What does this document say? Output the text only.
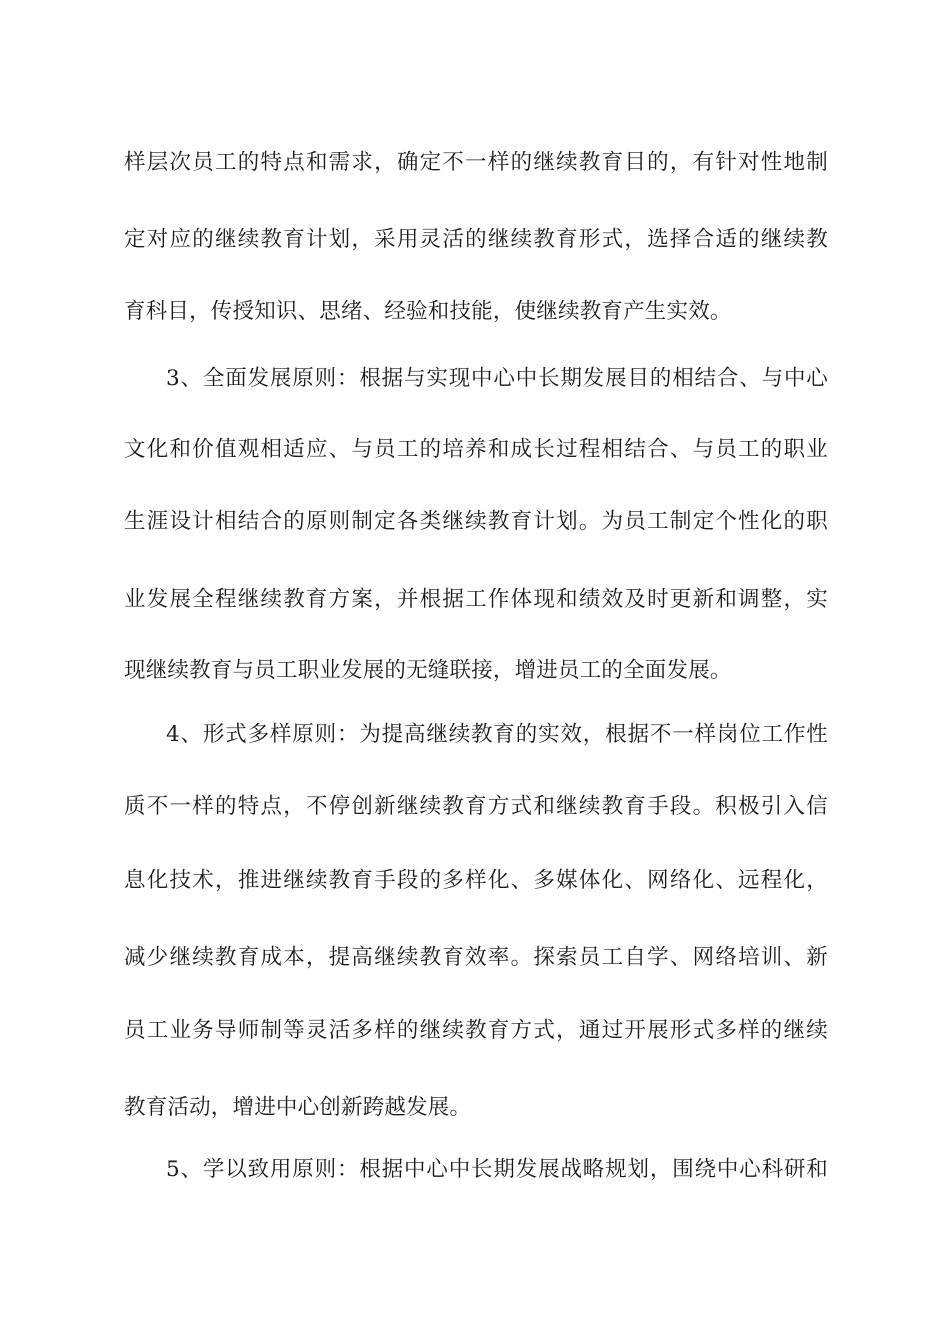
样层次员工的特点和需求，确定不一样的继续教育目的，有针对性地制
定对应的继续教育计划，采用灵活的继续教育形式，选择合适的继续教
育科目，传授知识、思绪、经验和技能，使继续教育产生实效。
3、全面发展原则：根据与实现中心中长期发展目的相结合、与中心
文化和价值观相适应、与员工的培养和成长过程相结合、与员工的职业
生涯设计相结合的原则制定各类继续教育计划。为员工制定个性化的职
业发展全程继续教育方案，并根据工作体现和绩效及时更新和调整，实
现继续教育与员工职业发展的无缝联接，增进员工的全面发展。
4、形式多样原则：为提高继续教育的实效，根据不一样岗位工作性
质不一样的特点，不停创新继续教育方式和继续教育手段。积极引入信
息化技术，推进继续教育手段的多样化、多媒体化、网络化、远程化，
减少继续教育成本，提高继续教育效率。探索员工自学、网络培训、新
员工业务导师制等灵活多样的继续教育方式，通过开展形式多样的继续
教育活动，增进中心创新跨越发展。
5、学以致用原则：根据中心中长期发展战略规划，围绕中心科研和
